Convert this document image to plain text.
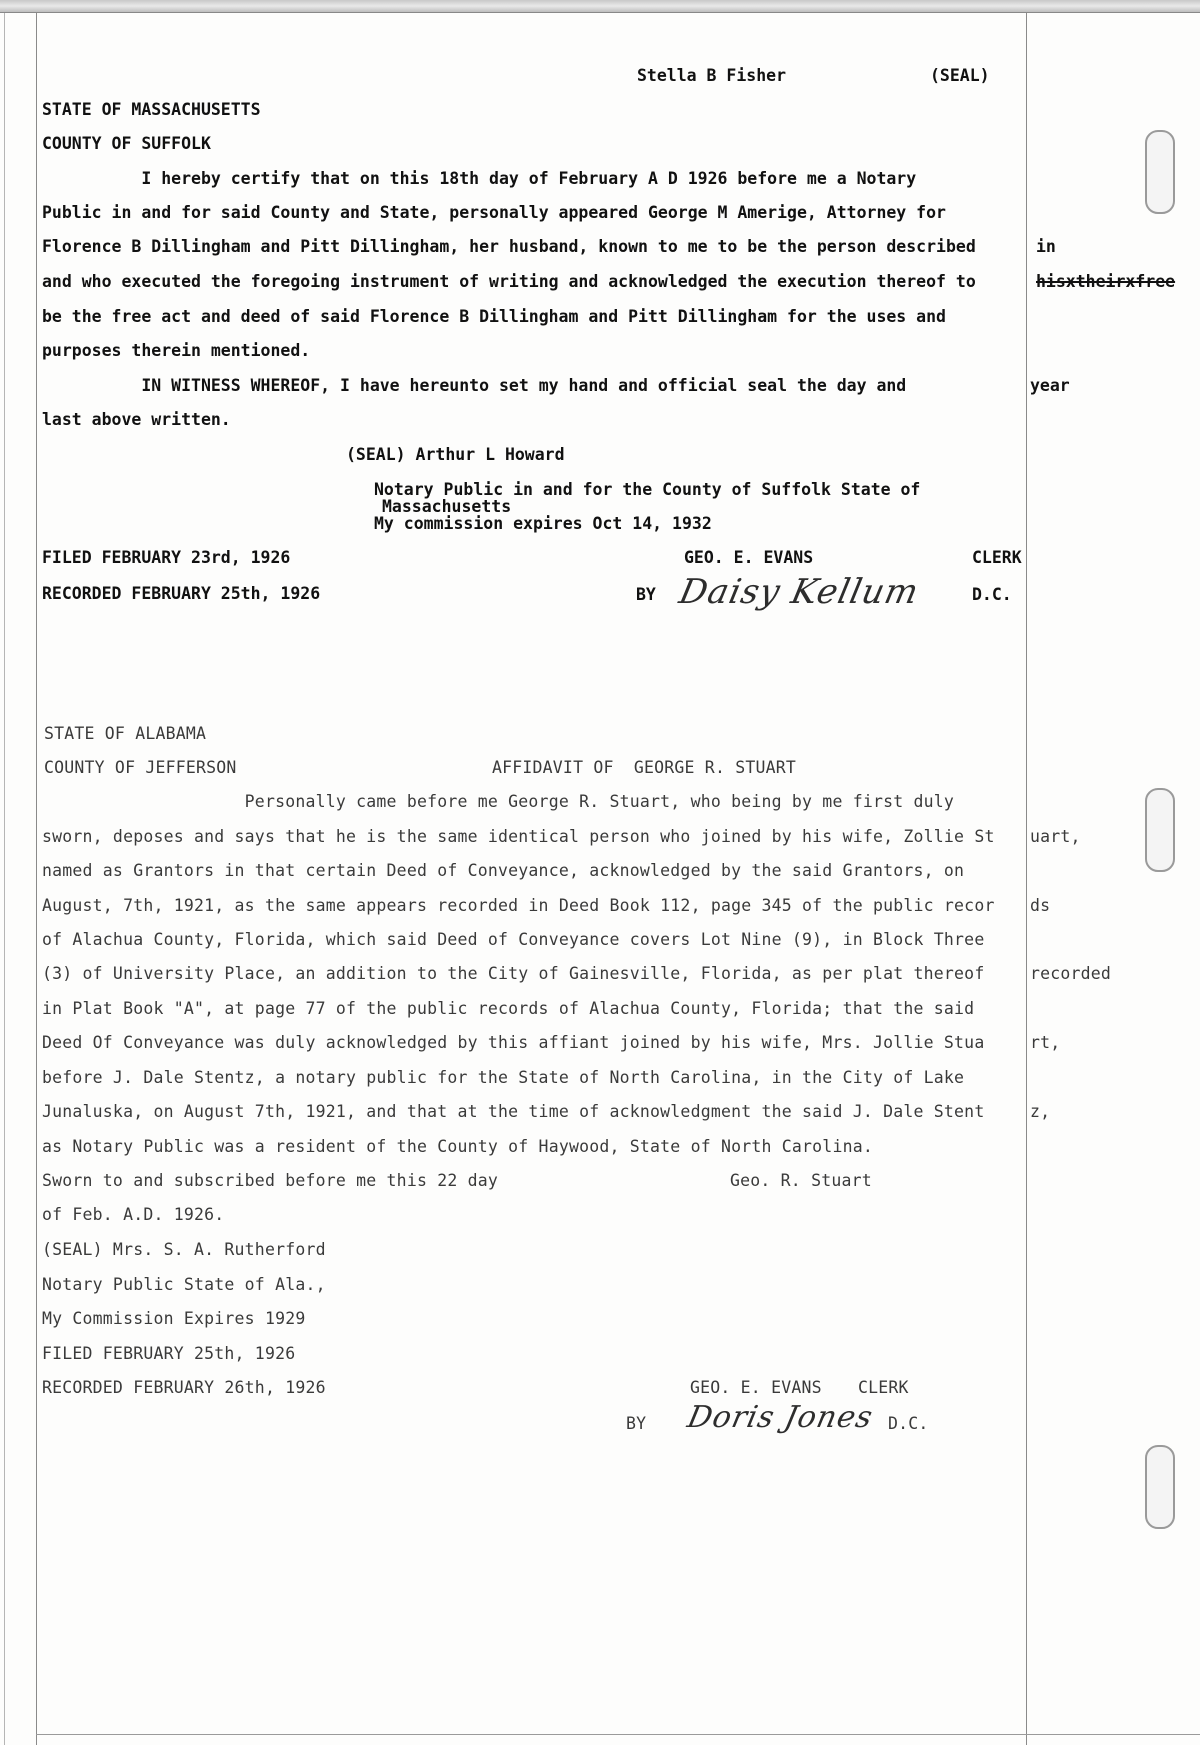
Stella B Fisher	(SEAL)
STATE OF MASSACHUSETTS
COUNTY OF SUFFOLK
I hereby certify that on this 18th day of February A D 1926 before me a Notary
Public in and for said County and State, personally appeared George M Amerige, Attorney for
Florence B Dillingham and Pitt Dillingham, her husband, known to me to be the person described
and who executed the foregoing instrument of writing and acknowledged the execution thereof to
be the free act and deed of said Florence B Dillingham and Pitt Dillingham for the uses and
purposes therein mentioned.
IN WITNESS WHEREOF, I have hereunto set my hand and official seal the day and
last above written.
in
hisxtheirxfree
year
(SEAL) Arthur L Howard
Notary Public in and for the County of Suffolk State of
Massachusetts
My commission expires Oct 14, 1932
FILED FEBRUARY 23rd, 1926	GEO. E. EVANS	CLERK
RECORDED FEBRUARY 25th, 1926	BY Daisy Kellum	D.C.
STATE OF ALABAMA
COUNTY OF JEFFERSON	AFFIDAVIT OF  GEORGE R. STUART
Personally came before me George R. Stuart, who being by me first duly
sworn, deposes and says that he is the same identical person who joined by his wife, Zollie St
named as Grantors in that certain Deed of Conveyance, acknowledged by the said Grantors, on
August, 7th, 1921, as the same appears recorded in Deed Book 112, page 345 of the public recor
of Alachua County, Florida, which said Deed of Conveyance covers Lot Nine (9), in Block Three
(3) of University Place, an addition to the City of Gainesville, Florida, as per plat thereof
in Plat Book "A", at page 77 of the public records of Alachua County, Florida; that the said
Deed Of Conveyance was duly acknowledged by this affiant joined by his wife, Mrs. Jollie Stua
before J. Dale Stentz, a notary public for the State of North Carolina, in the City of Lake
Junaluska, on August 7th, 1921, and that at the time of acknowledgment the said J. Dale Stent
as Notary Public was a resident of the County of Haywood, State of North Carolina.
uart,
ds
recorded
rt,
z,
Sworn to and subscribed before me this 22 day	Geo. R. Stuart
of Feb. A.D. 1926.
(SEAL) Mrs. S. A. Rutherford
Notary Public State of Ala.,
My Commission Expires 1929
FILED FEBRUARY 25th, 1926
RECORDED FEBRUARY 26th, 1926	GEO. E. EVANS CLERK
BY Doris Jones D.C.
